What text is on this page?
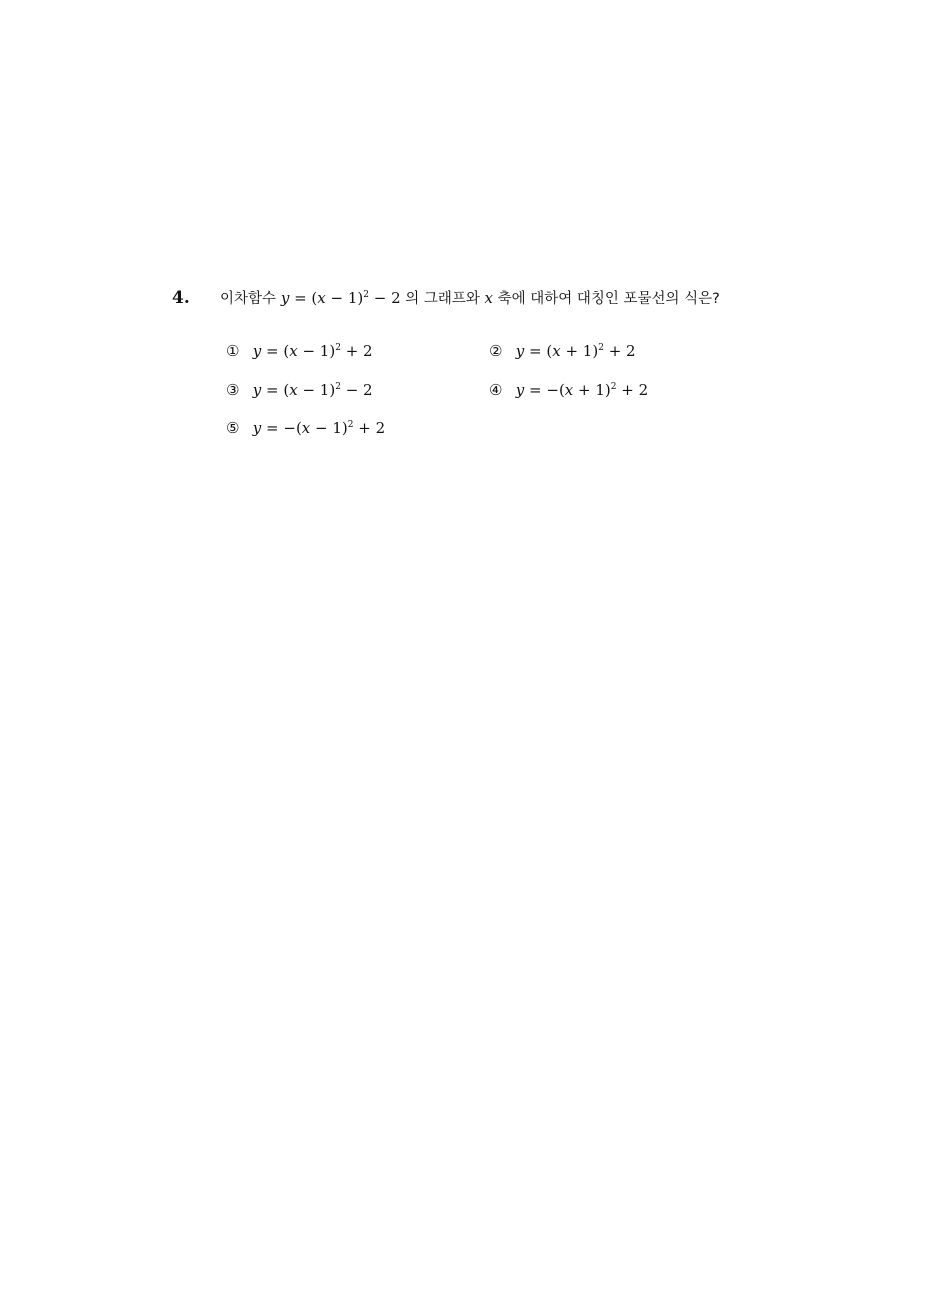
4. 이차함수 $y = (x - 1)^2 - 2$ 의 그래프와 x 축에 대하여 대칭인 포물선의 식은?
① $y = (x - 1)^2 + 2$	② $y = (x + 1)^2 + 2$
③ $y = (x - 1)^2 - 2$	④ $y = -(x + 1)^2 + 2$
⑤ $y = -(x - 1)^2 + 2$
